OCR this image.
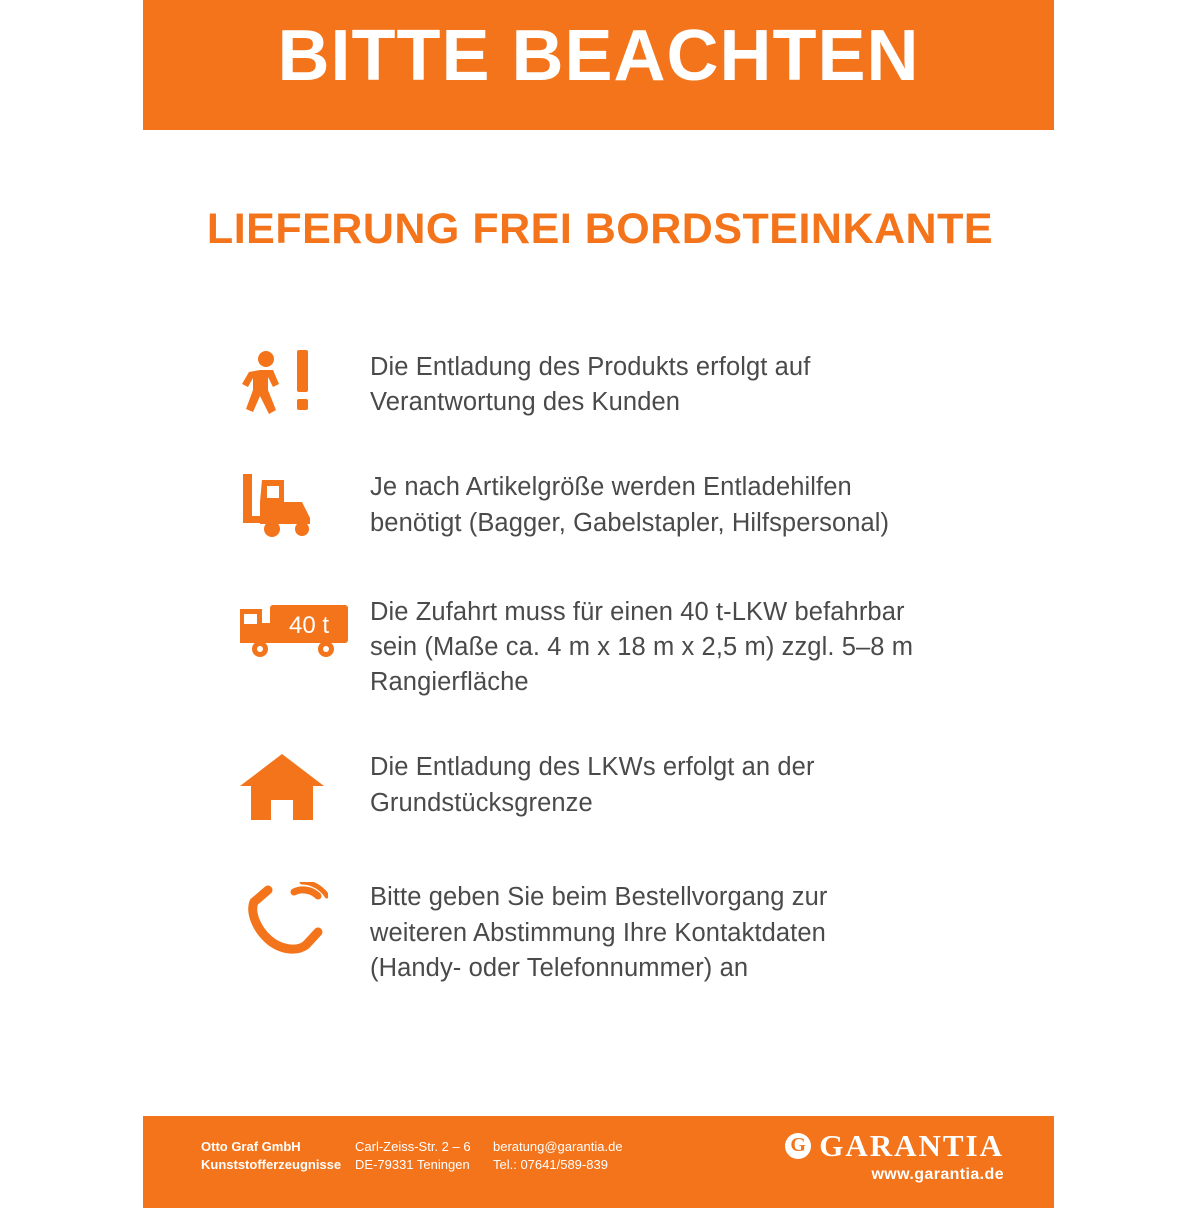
BITTE BEACHTEN
LIEFERUNG FREI BORDSTEINKANTE
Die Entladung des Produkts erfolgt auf
Verantwortung des Kunden
Je nach Artikelgröße werden Entladehilfen
benötigt (Bagger, Gabelstapler, Hilfspersonal)
40 t Die Zufahrt muss für einen 40 t-LKW befahrbar
sein (Maße ca. 4 m x 18 m x 2,5 m) zzgl. 5–8 m
Rangierfläche
Die Entladung des LKWs erfolgt an der
Grundstücksgrenze
Bitte geben Sie beim Bestellvorgang zur
weiteren Abstimmung Ihre Kontaktdaten
(Handy- oder Telefonnummer) an
Otto Graf GmbH
Kunststofferzeugnisse
Carl-Zeiss-Str. 2 – 6
DE-79331 Teningen
beratung@garantia.de
Tel.: 07641/589-839
G GARANTIA
www.garantia.de
